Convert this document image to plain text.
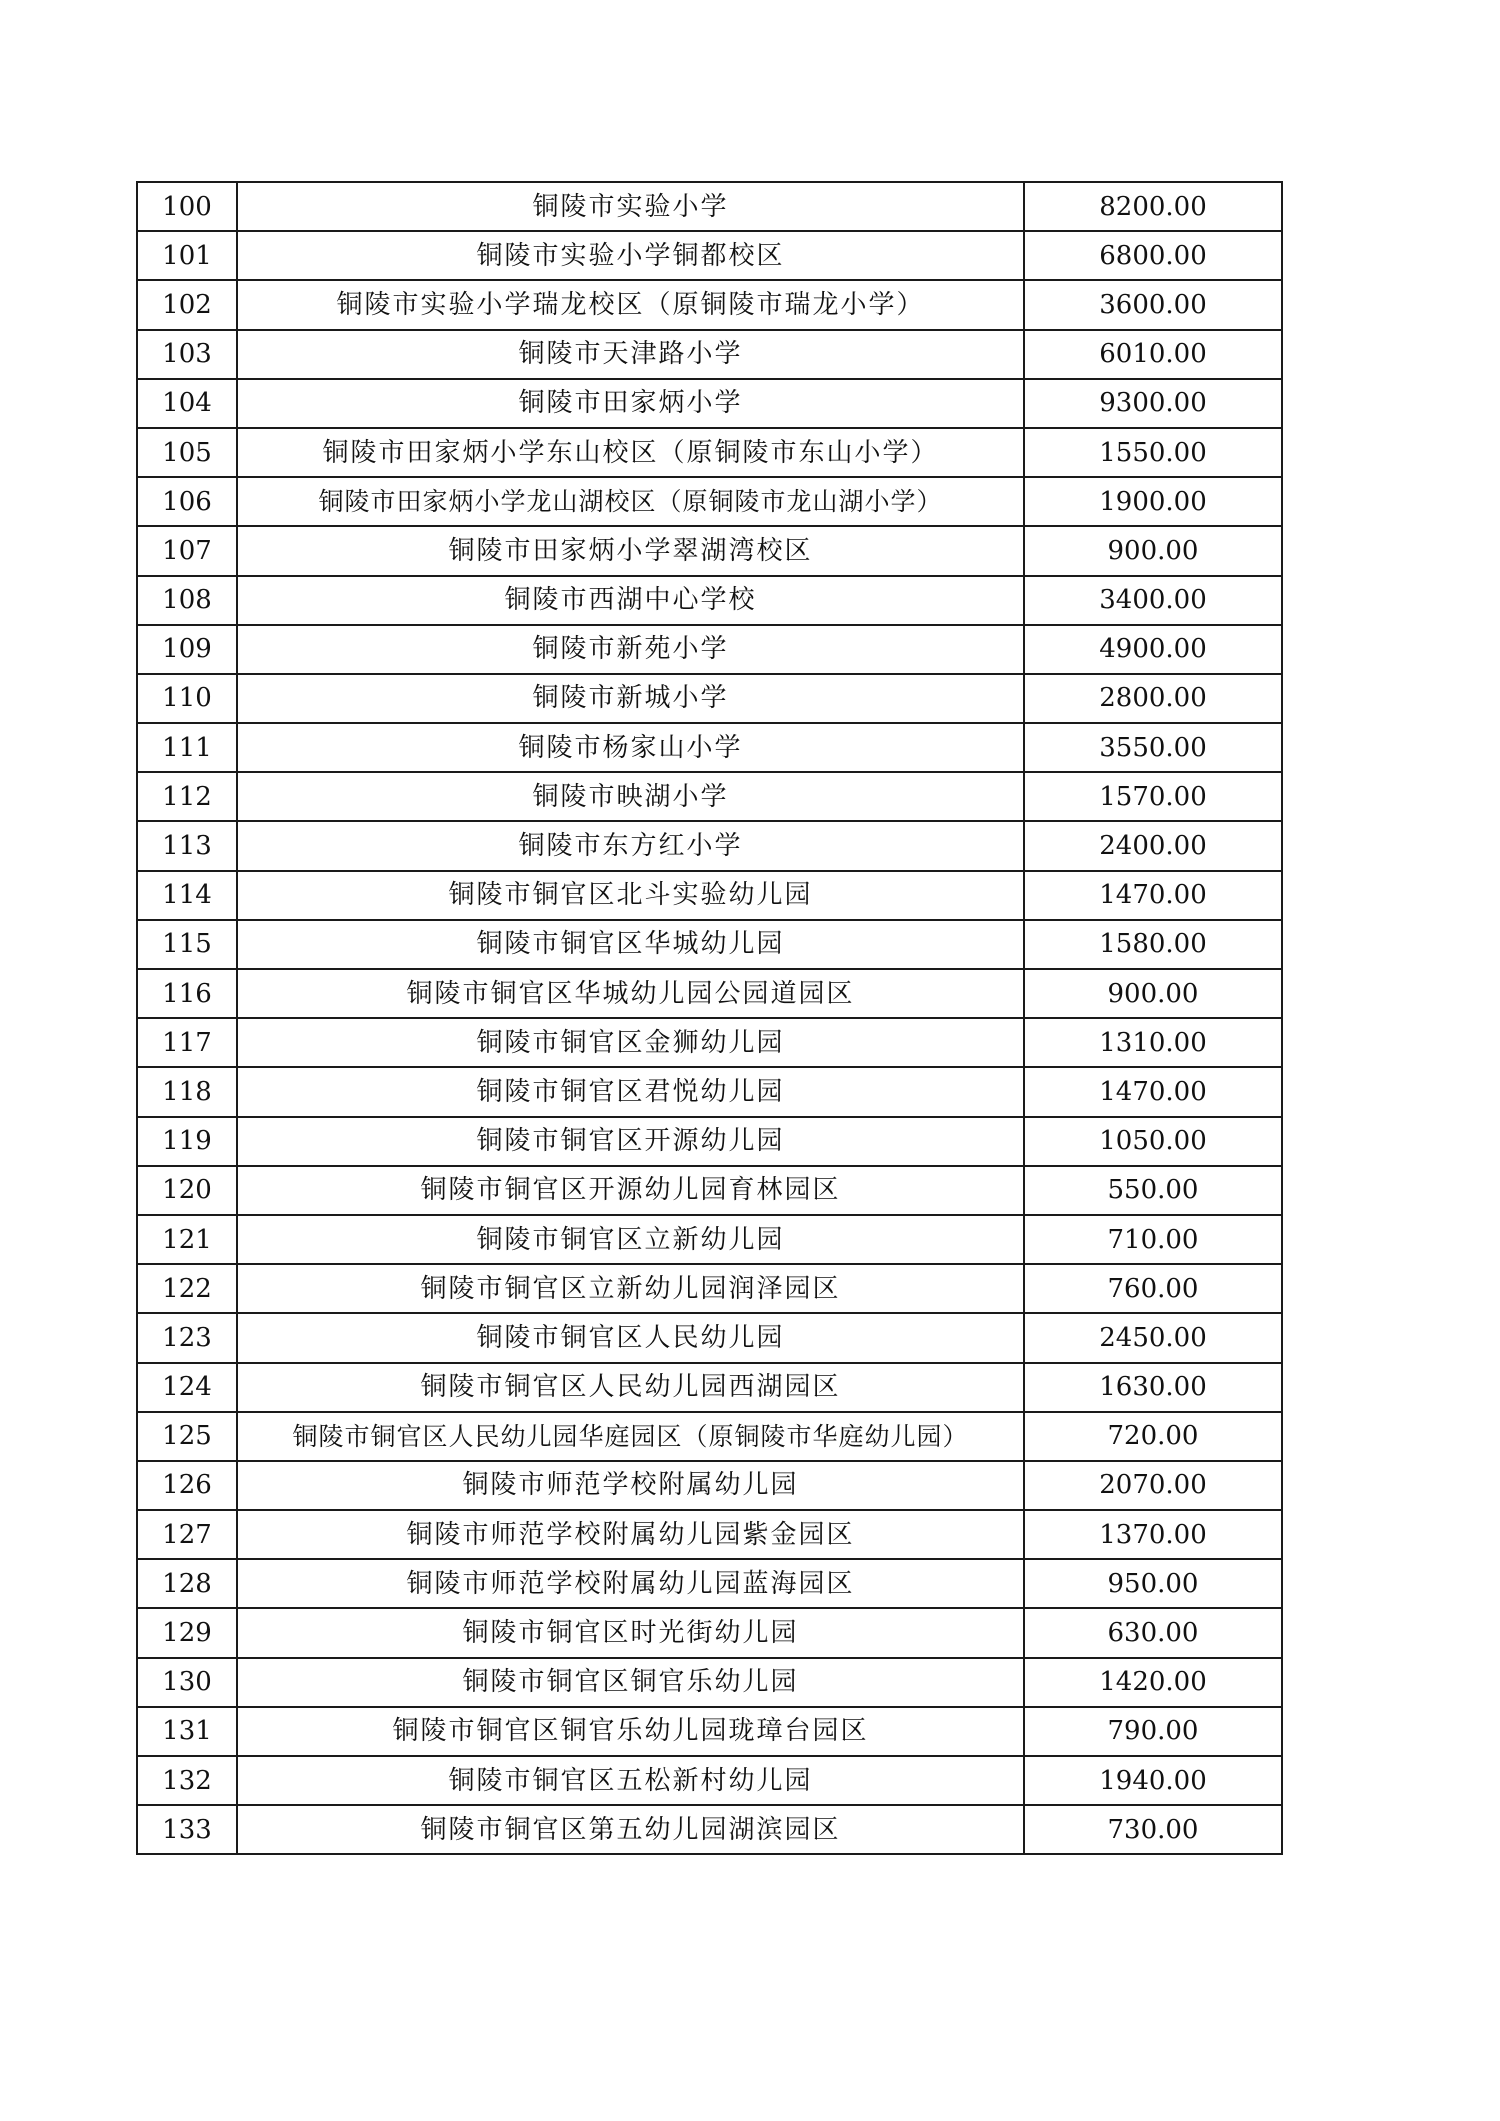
100	铜陵市实验小学	8200.00
101	铜陵市实验小学铜都校区	6800.00
102	铜陵市实验小学瑞龙校区（原铜陵市瑞龙小学）	3600.00
103	铜陵市天津路小学	6010.00
104	铜陵市田家炳小学	9300.00
105	铜陵市田家炳小学东山校区（原铜陵市东山小学）	1550.00
106	铜陵市田家炳小学龙山湖校区（原铜陵市龙山湖小学）	1900.00
107	铜陵市田家炳小学翠湖湾校区	900.00
108	铜陵市西湖中心学校	3400.00
109	铜陵市新苑小学	4900.00
110	铜陵市新城小学	2800.00
111	铜陵市杨家山小学	3550.00
112	铜陵市映湖小学	1570.00
113	铜陵市东方红小学	2400.00
114	铜陵市铜官区北斗实验幼儿园	1470.00
115	铜陵市铜官区华城幼儿园	1580.00
116	铜陵市铜官区华城幼儿园公园道园区	900.00
117	铜陵市铜官区金狮幼儿园	1310.00
118	铜陵市铜官区君悦幼儿园	1470.00
119	铜陵市铜官区开源幼儿园	1050.00
120	铜陵市铜官区开源幼儿园育林园区	550.00
121	铜陵市铜官区立新幼儿园	710.00
122	铜陵市铜官区立新幼儿园润泽园区	760.00
123	铜陵市铜官区人民幼儿园	2450.00
124	铜陵市铜官区人民幼儿园西湖园区	1630.00
125	铜陵市铜官区人民幼儿园华庭园区（原铜陵市华庭幼儿园）	720.00
126	铜陵市师范学校附属幼儿园	2070.00
127	铜陵市师范学校附属幼儿园紫金园区	1370.00
128	铜陵市师范学校附属幼儿园蓝海园区	950.00
129	铜陵市铜官区时光街幼儿园	630.00
130	铜陵市铜官区铜官乐幼儿园	1420.00
131	铜陵市铜官区铜官乐幼儿园珑璋台园区	790.00
132	铜陵市铜官区五松新村幼儿园	1940.00
133	铜陵市铜官区第五幼儿园湖滨园区	730.00
